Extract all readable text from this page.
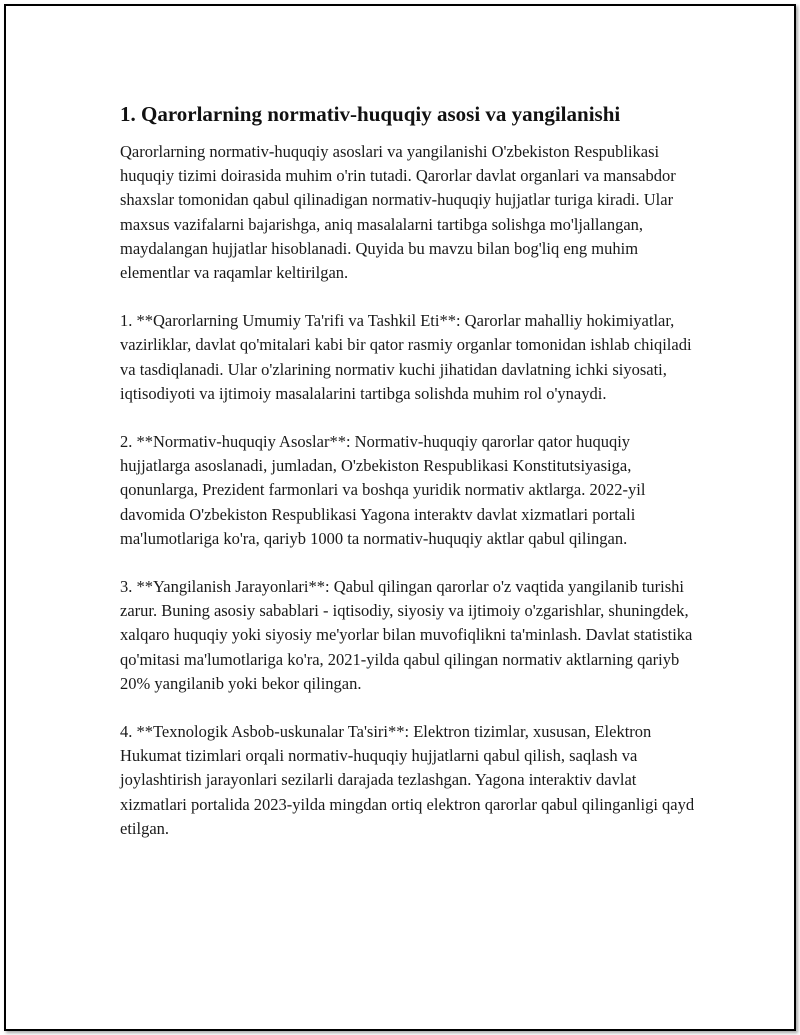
1. Qarorlarning normativ-huquqiy asosi va yangilanishi

Qarorlarning normativ-huquqiy asoslari va yangilanishi O'zbekiston Respublikasi huquqiy tizimi doirasida muhim o'rin tutadi. Qarorlar davlat organlari va mansabdor shaxslar tomonidan qabul qilinadigan normativ-huquqiy hujjatlar turiga kiradi. Ular maxsus vazifalarni bajarishga, aniq masalalarni tartibga solishga mo'ljallangan, maydalangan hujjatlar hisoblanadi. Quyida bu mavzu bilan bog'liq eng muhim elementlar va raqamlar keltirilgan.

1. **Qarorlarning Umumiy Ta'rifi va Tashkil Eti**: Qarorlar mahalliy hokimiyatlar, vazirliklar, davlat qo'mitalari kabi bir qator rasmiy organlar tomonidan ishlab chiqiladi va tasdiqlanadi. Ular o'zlarining normativ kuchi jihatidan davlatning ichki siyosati, iqtisodiyoti va ijtimoiy masalalarini tartibga solishda muhim rol o'ynaydi.

2. **Normativ-huquqiy Asoslar**: Normativ-huquqiy qarorlar qator huquqiy hujjatlarga asoslanadi, jumladan, O'zbekiston Respublikasi Konstitutsiyasiga, qonunlarga, Prezident farmonlari va boshqa yuridik normativ aktlarga. 2022-yil davomida O'zbekiston Respublikasi Yagona interaktv davlat xizmatlari portali ma'lumotlariga ko'ra, qariyb 1000 ta normativ-huquqiy aktlar qabul qilingan.

3. **Yangilanish Jarayonlari**: Qabul qilingan qarorlar o'z vaqtida yangilanib turishi zarur. Buning asosiy sabablari - iqtisodiy, siyosiy va ijtimoiy o'zgarishlar, shuningdek, xalqaro huquqiy yoki siyosiy me'yorlar bilan muvofiqlikni ta'minlash. Davlat statistika qo'mitasi ma'lumotlariga ko'ra, 2021-yilda qabul qilingan normativ aktlarning qariyb 20% yangilanib yoki bekor qilingan.

4. **Texnologik Asbob-uskunalar Ta'siri**: Elektron tizimlar, xususan, Elektron Hukumat tizimlari orqali normativ-huquqiy hujjatlarni qabul qilish, saqlash va joylashtirish jarayonlari sezilarli darajada tezlashgan. Yagona interaktiv davlat xizmatlari portalida 2023-yilda mingdan ortiq elektron qarorlar qabul qilinganligi qayd etilgan.
